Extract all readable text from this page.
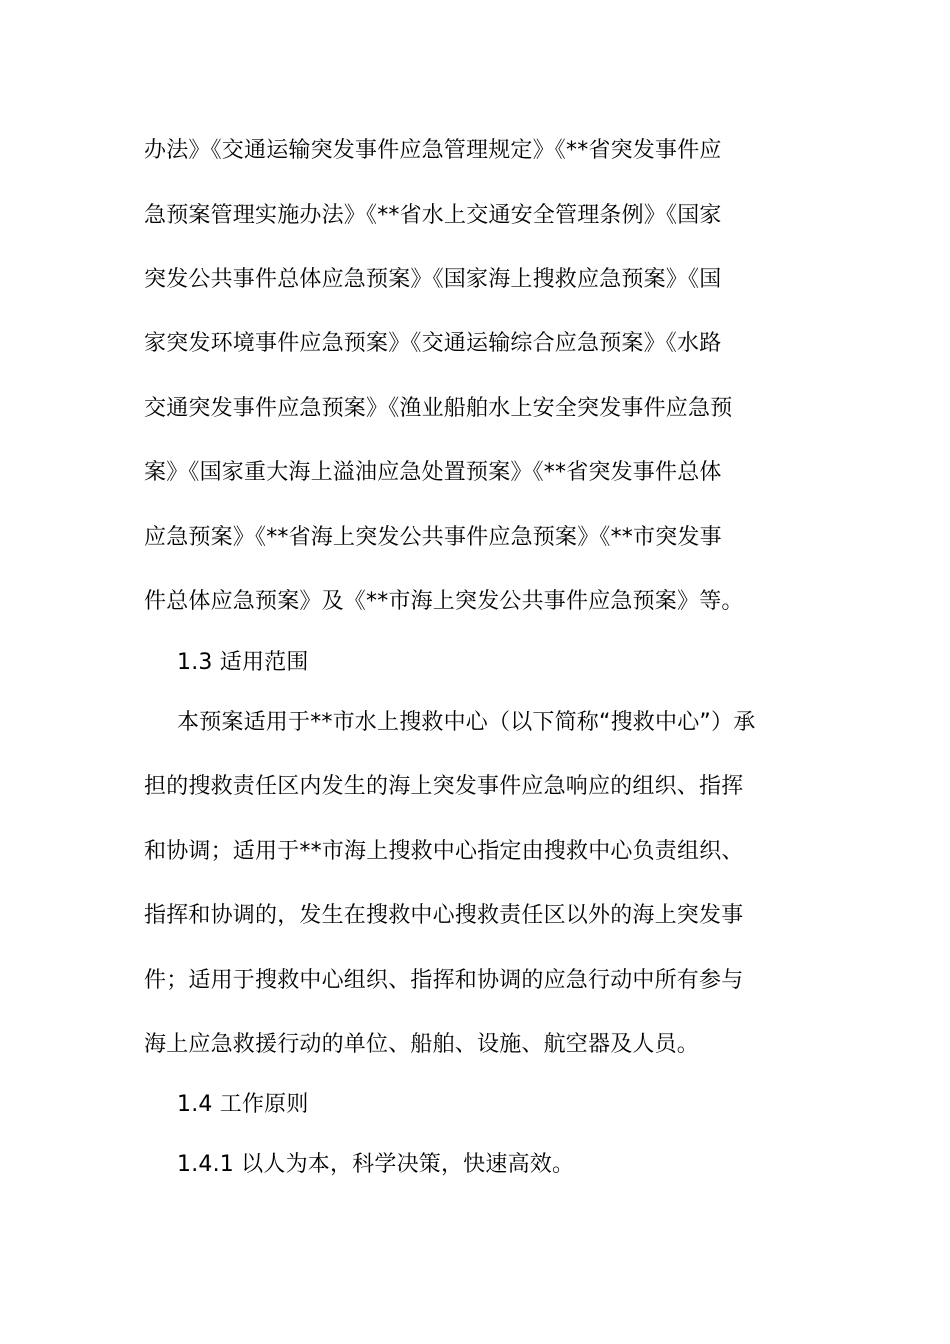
办法》《交通运输突发事件应急管理规定》《**省突发事件应
急预案管理实施办法》《**省水上交通安全管理条例》《国家
突发公共事件总体应急预案》《国家海上搜救应急预案》《国
家突发环境事件应急预案》《交通运输综合应急预案》《水路
交通突发事件应急预案》《渔业船舶水上安全突发事件应急预
案》《国家重大海上溢油应急处置预案》《**省突发事件总体
应急预案》《**省海上突发公共事件应急预案》《**市突发事
件总体应急预案》及《**市海上突发公共事件应急预案》等。
1.3 适用范围
本预案适用于**市水上搜救中心（以下简称“搜救中心”）承
担的搜救责任区内发生的海上突发事件应急响应的组织、指挥
和协调；适用于**市海上搜救中心指定由搜救中心负责组织、
指挥和协调的，发生在搜救中心搜救责任区以外的海上突发事
件；适用于搜救中心组织、指挥和协调的应急行动中所有参与
海上应急救援行动的单位、船舶、设施、航空器及人员。
1.4 工作原则
1.4.1 以人为本，科学决策，快速高效。
